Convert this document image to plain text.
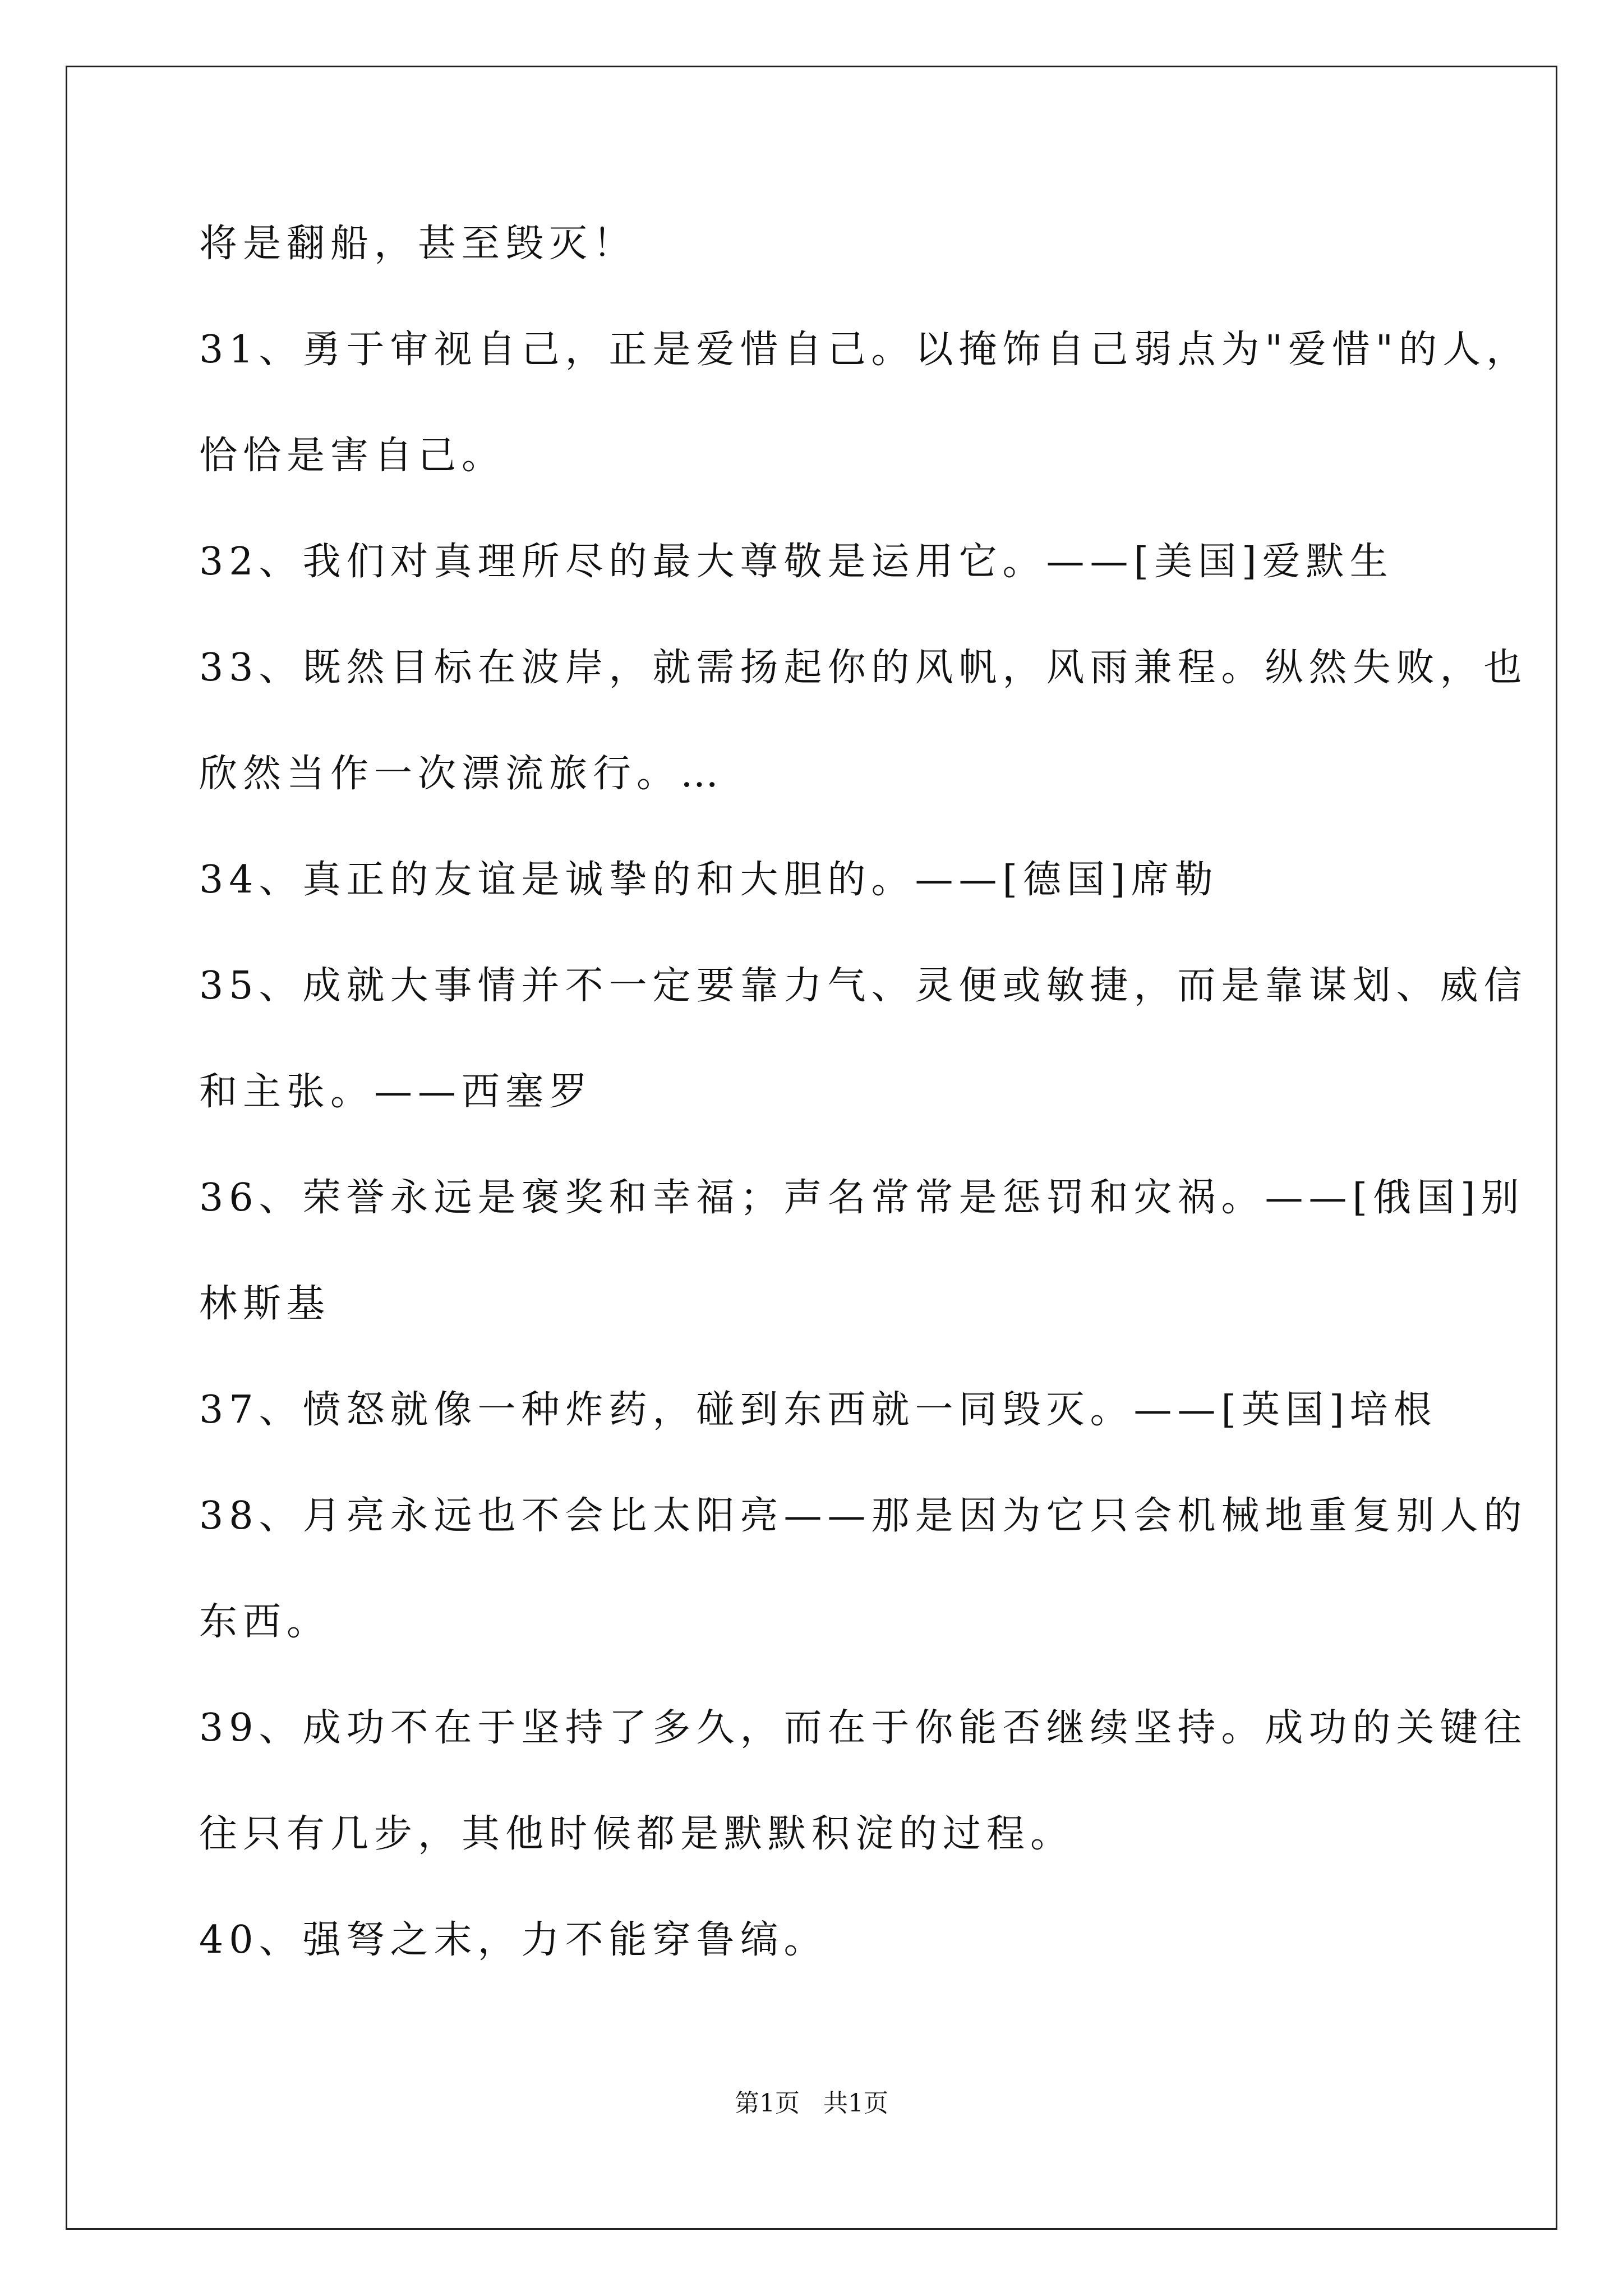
将是翻船，甚至毁灭！
31、勇于审视自己，正是爱惜自己。以掩饰自己弱点为"爱惜"的人，
恰恰是害自己。
32、我们对真理所尽的最大尊敬是运用它。——[美国]爱默生
33、既然目标在波岸，就需扬起你的风帆，风雨兼程。纵然失败，也
欣然当作一次漂流旅行。…
34、真正的友谊是诚挚的和大胆的。——[德国]席勒
35、成就大事情并不一定要靠力气、灵便或敏捷，而是靠谋划、威信
和主张。——西塞罗
36、荣誉永远是褒奖和幸福；声名常常是惩罚和灾祸。——[俄国]别
林斯基
37、愤怒就像一种炸药，碰到东西就一同毁灭。——[英国]培根
38、月亮永远也不会比太阳亮——那是因为它只会机械地重复别人的
东西。
39、成功不在于坚持了多久，而在于你能否继续坚持。成功的关键往
往只有几步，其他时候都是默默积淀的过程。
40、强弩之末，力不能穿鲁缟。
第1页   共1页
